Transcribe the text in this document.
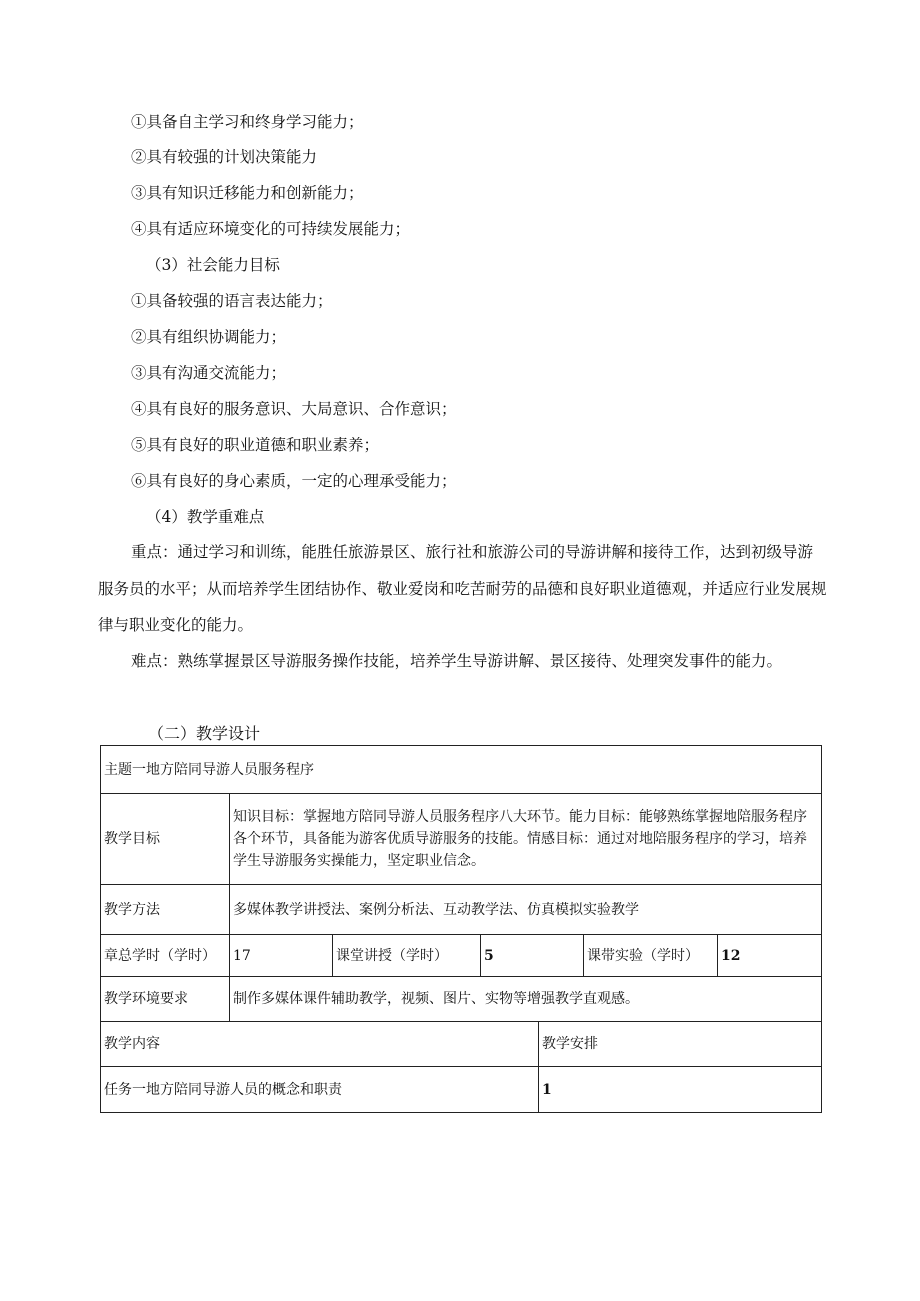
①具备自主学习和终身学习能力；
②具有较强的计划决策能力
③具有知识迁移能力和创新能力；
④具有适应环境变化的可持续发展能力；
（3）社会能力目标
①具备较强的语言表达能力；
②具有组织协调能力；
③具有沟通交流能力；
④具有良好的服务意识、大局意识、合作意识；
⑤具有良好的职业道德和职业素养；
⑥具有良好的身心素质，一定的心理承受能力；
（4）教学重难点
重点：通过学习和训练，能胜任旅游景区、旅行社和旅游公司的导游讲解和接待工作，达到初级导游服务员的水平；从而培养学生团结协作、敬业爱岗和吃苦耐劳的品德和良好职业道德观，并适应行业发展规律与职业变化的能力。
难点：熟练掌握景区导游服务操作技能，培养学生导游讲解、景区接待、处理突发事件的能力。
（二）教学设计
主题一地方陪同导游人员服务程序						
教学目标	知识目标：掌握地方陪同导游人员服务程序八大环节。能力目标：能够熟练掌握地陪服务程序各个环节，具备能为游客优质导游服务的技能。情感目标：通过对地陪服务程序的学习，培养学生导游服务实操能力，坚定职业信念。					
教学方法	多媒体教学讲授法、案例分析法、互动教学法、仿真模拟实验教学					
章总学时（学时）	17	课堂讲授（学时）	5		课带实验（学时）	12
教学环境要求	制作多媒体课件辅助教学，视频、图片、实物等增强教学直观感。					
教学内容				教学安排		
任务一地方陪同导游人员的概念和职责				1		
